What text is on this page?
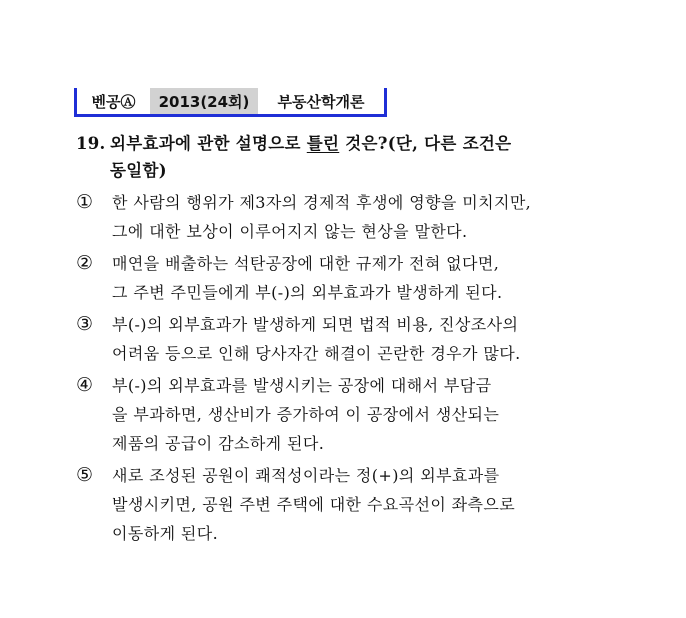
벤공Ⓐ	2013(24회)	부동산학개론
19. 외부효과에 관한 설명으로 틀린 것은?(단, 다른 조건은
동일함)
①	한 사람의 행위가 제3자의 경제적 후생에 영향을 미치지만,
그에 대한 보상이 이루어지지 않는 현상을 말한다.
②	매연을 배출하는 석탄공장에 대한 규제가 전혀 없다면,
그 주변 주민들에게 부(-)의 외부효과가 발생하게 된다.
③	부(-)의 외부효과가 발생하게 되면 법적 비용, 진상조사의
어려움 등으로 인해 당사자간 해결이 곤란한 경우가 많다.
④	부(-)의 외부효과를 발생시키는 공장에 대해서 부담금
을 부과하면, 생산비가 증가하여 이 공장에서 생산되는
제품의 공급이 감소하게 된다.
⑤	새로 조성된 공원이 쾌적성이라는 정(+)의 외부효과를
발생시키면, 공원 주변 주택에 대한 수요곡선이 좌측으로
이동하게 된다.
